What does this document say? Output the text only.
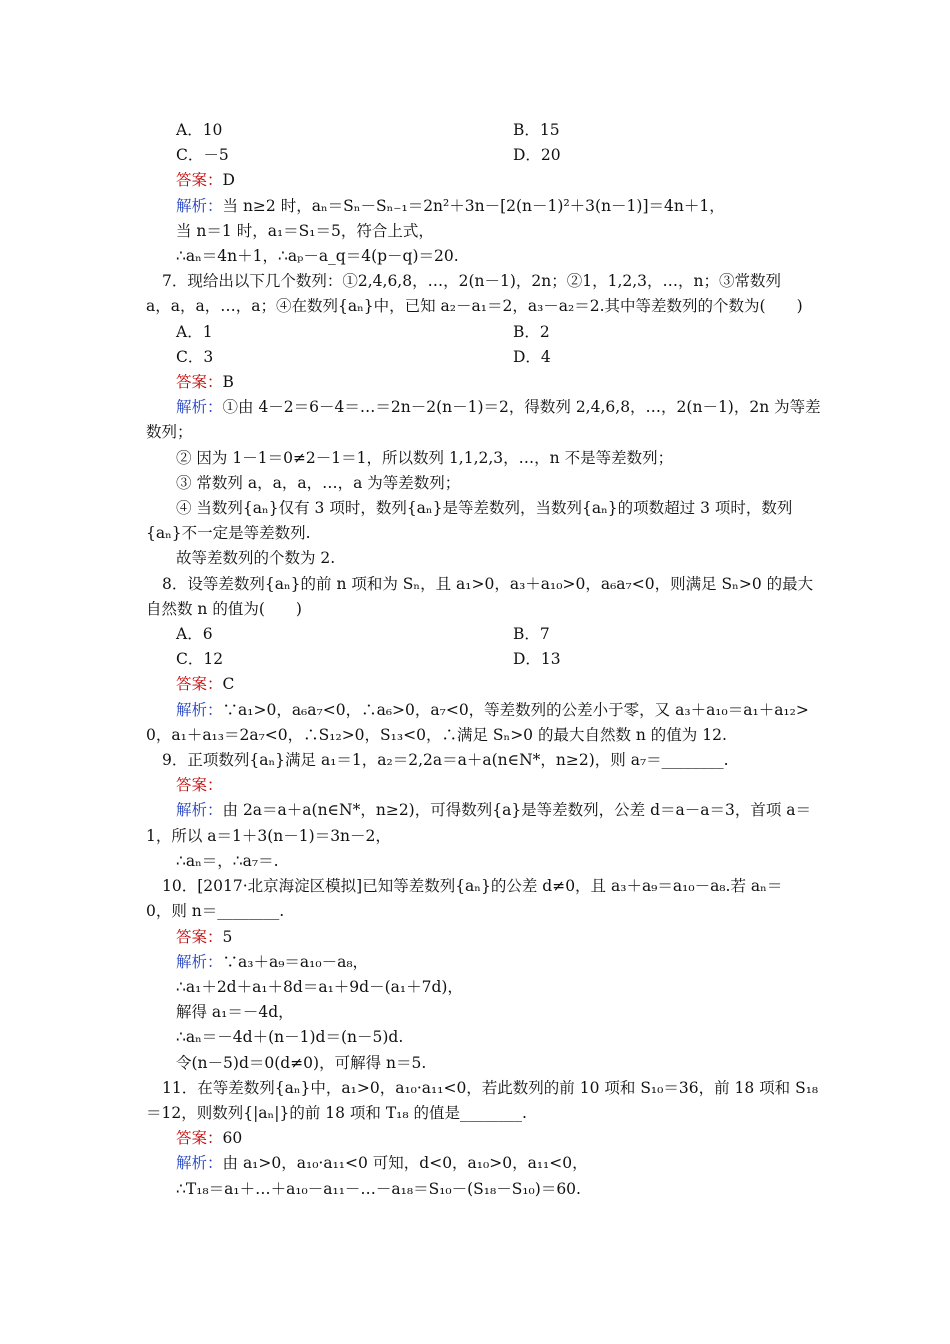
A．10	B．15
C．－5	D．20
答案：D
解析：当 n≥2 时，aₙ＝Sₙ－Sₙ₋₁＝2n²＋3n－[2(n－1)²＋3(n－1)]＝4n＋1，
当 n＝1 时，a₁＝S₁＝5，符合上式，
∴aₙ＝4n＋1，∴aₚ－a_q＝4(p－q)＝20.
7．现给出以下几个数列：①2,4,6,8，…，2(n－1)，2n；②1，1,2,3，…，n；③常数列
a，a，a，…，a；④在数列{aₙ}中，已知 a₂－a₁＝2，a₃－a₂＝2.其中等差数列的个数为(　　)
A．1	B．2
C．3	D．4
答案：B
解析：①由 4－2＝6－4＝…＝2n－2(n－1)＝2，得数列 2,4,6,8，…，2(n－1)，2n 为等差
数列；
② 因为 1－1＝0≠2－1＝1，所以数列 1,1,2,3，…，n 不是等差数列；
③ 常数列 a，a，a，…，a 为等差数列；
④ 当数列{aₙ}仅有 3 项时，数列{aₙ}是等差数列，当数列{aₙ}的项数超过 3 项时，数列
{aₙ}不一定是等差数列.
故等差数列的个数为 2.
8．设等差数列{aₙ}的前 n 项和为 Sₙ，且 a₁>0，a₃＋a₁₀>0，a₆a₇<0，则满足 Sₙ>0 的最大
自然数 n 的值为(　　)
A．6	B．7
C．12	D．13
答案：C
解析：∵a₁>0，a₆a₇<0，∴a₆>0，a₇<0，等差数列的公差小于零，又 a₃＋a₁₀＝a₁＋a₁₂>
0，a₁＋a₁₃＝2a₇<0，∴S₁₂>0，S₁₃<0，∴满足 Sₙ>0 的最大自然数 n 的值为 12.
9．正项数列{aₙ}满足 a₁＝1，a₂＝2,2a＝a＋a(n∈N*，n≥2)，则 a₇＝________.
答案：
解析：由 2a＝a＋a(n∈N*，n≥2)，可得数列{a}是等差数列，公差 d＝a－a＝3，首项 a＝
1，所以 a＝1＋3(n－1)＝3n－2，
∴aₙ＝，∴a₇＝.
10．[2017·北京海淀区模拟]已知等差数列{aₙ}的公差 d≠0，且 a₃＋a₉＝a₁₀－a₈.若 aₙ＝
0，则 n＝________.
答案：5
解析：∵a₃＋a₉＝a₁₀－a₈，
∴a₁＋2d＋a₁＋8d＝a₁＋9d－(a₁＋7d)，
解得 a₁＝－4d，
∴aₙ＝－4d＋(n－1)d＝(n－5)d.
令(n－5)d＝0(d≠0)，可解得 n＝5.
11．在等差数列{aₙ}中，a₁>0，a₁₀·a₁₁<0，若此数列的前 10 项和 S₁₀＝36，前 18 项和 S₁₈
＝12，则数列{|aₙ|}的前 18 项和 T₁₈ 的值是________.
答案：60
解析：由 a₁>0，a₁₀·a₁₁<0 可知，d<0，a₁₀>0，a₁₁<0，
∴T₁₈＝a₁＋…＋a₁₀－a₁₁－…－a₁₈＝S₁₀－(S₁₈－S₁₀)＝60.
